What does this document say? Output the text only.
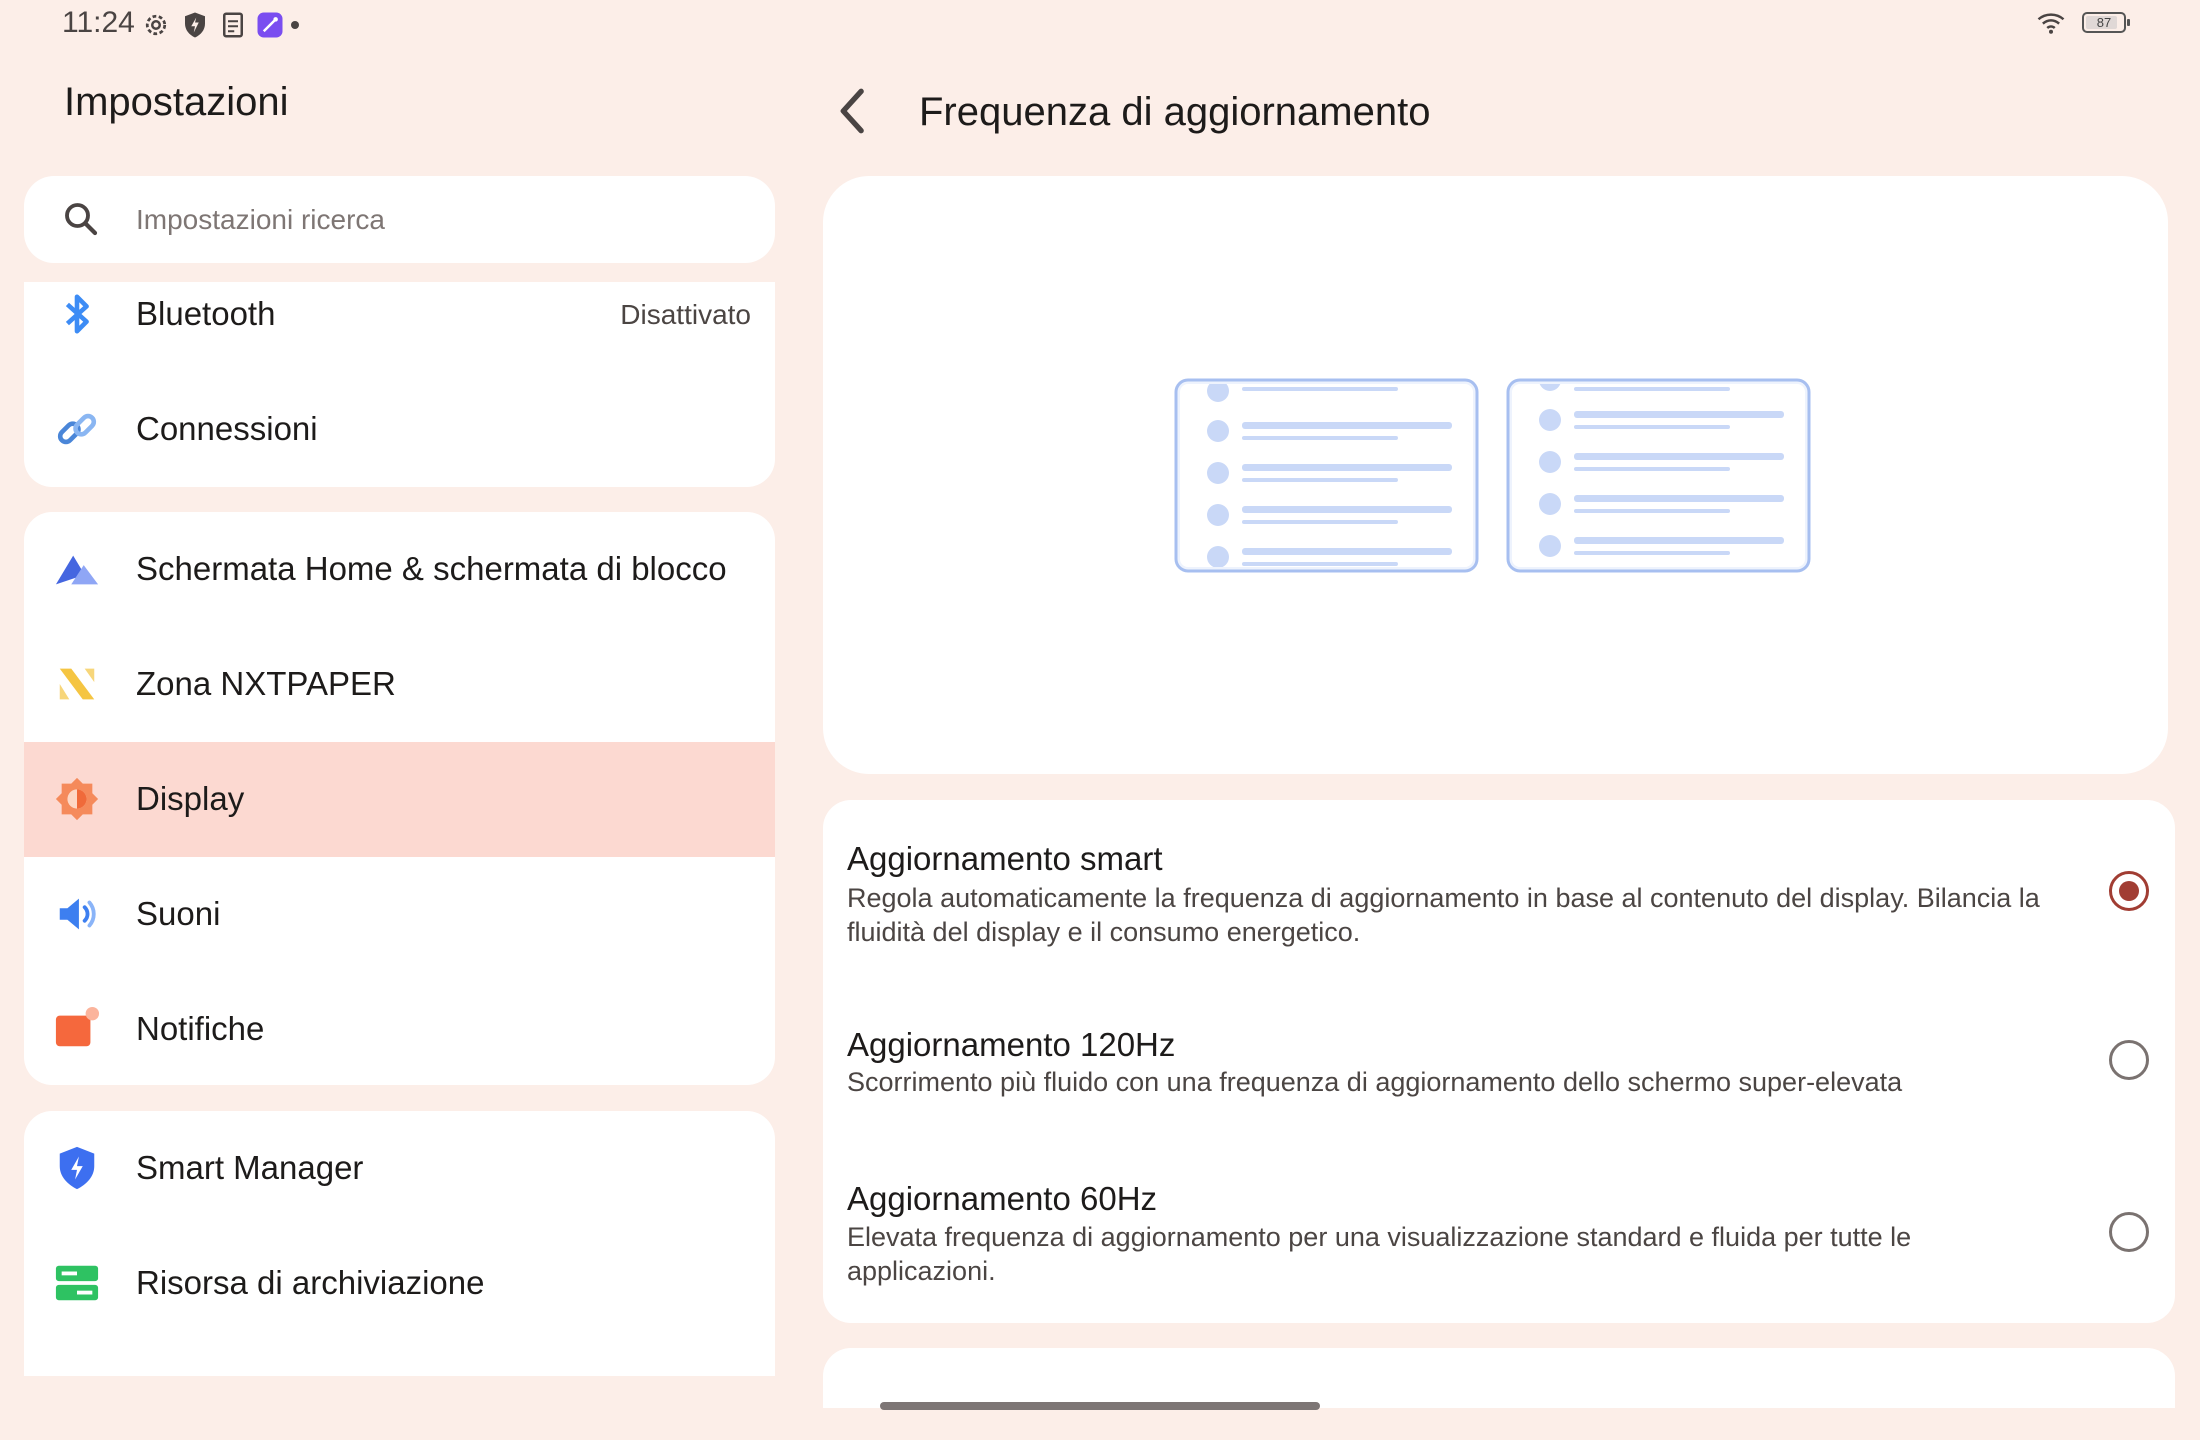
11:24	87
Impostazioni
Impostazioni ricerca
Bluetooth	Disattivato
Connessioni
Schermata Home & schermata di blocco
Zona NXTPAPER
Display
Suoni
Notifiche
Smart Manager
Risorsa di archiviazione
Frequenza di aggiornamento
Aggiornamento smart
Regola automaticamente la frequenza di aggiornamento in base al contenuto del display. Bilancia la fluidità del display e il consumo energetico.
Aggiornamento 120Hz
Scorrimento più fluido con una frequenza di aggiornamento dello schermo super-elevata
Aggiornamento 60Hz
Elevata frequenza di aggiornamento per una visualizzazione standard e fluida per tutte le applicazioni.
